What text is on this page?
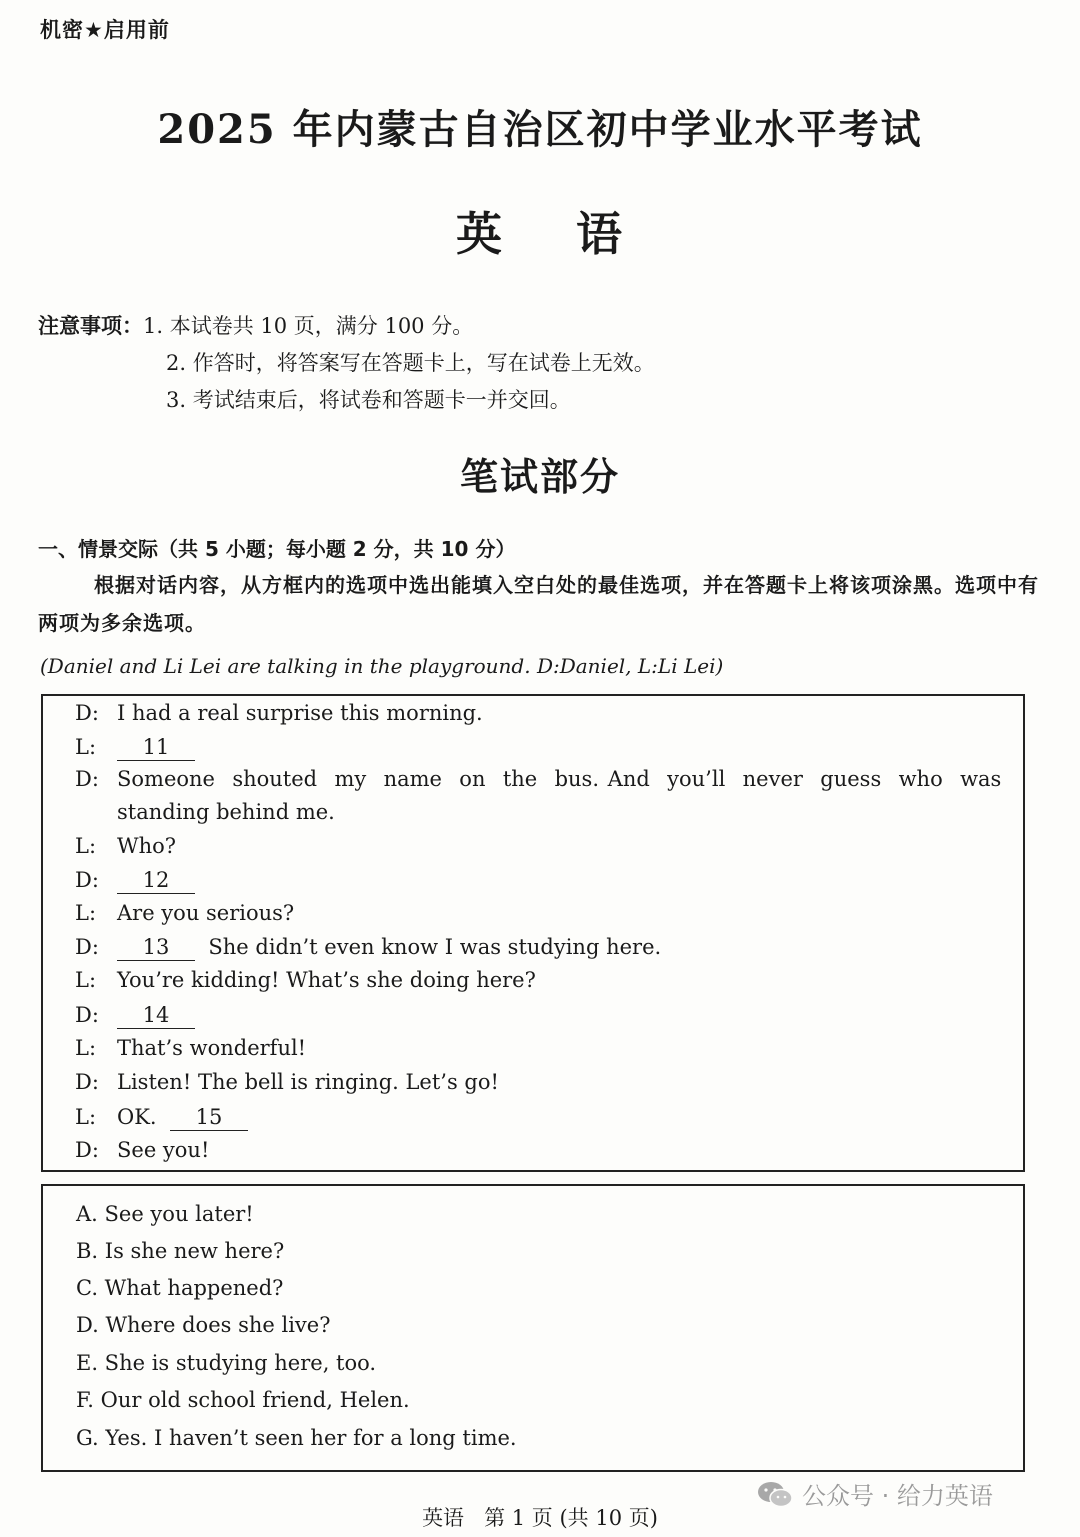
机密★启用前
2025 年内蒙古自治区初中学业水平考试
英    语
注意事项：1. 本试卷共 10 页，满分 100 分。
2. 作答时，将答案写在答题卡上，写在试卷上无效。
3. 考试结束后，将试卷和答题卡一并交回。
笔试部分
一、情景交际（共 5 小题；每小题 2 分，共 10 分）
根据对话内容，从方框内的选项中选出能填入空白处的最佳选项，并在答题卡上将该项涂黑。选项中有两项为多余选项。
(Daniel and Li Lei are talking in the playground. D:Daniel, L:Li Lei)
D: I had a real surprise this morning.
L: 11
D: Someone  shouted  my  name  on  the  bus. And  you’ll  never  guess  who  was
standing behind me.
L: Who?
D: 12
L: Are you serious?
D: 13 She didn’t even know I was studying here.
L: You’re kidding! What’s she doing here?
D: 14
L: That’s wonderful!
D: Listen! The bell is ringing. Let’s go!
L: OK. 15
D: See you!
A. See you later!
B. Is she new here?
C. What happened?
D. Where does she live?
E. She is studying here, too.
F. Our old school friend, Helen.
G. Yes. I haven’t seen her for a long time.
公众号 · 给力英语
英语   第 1 页 (共 10 页)
